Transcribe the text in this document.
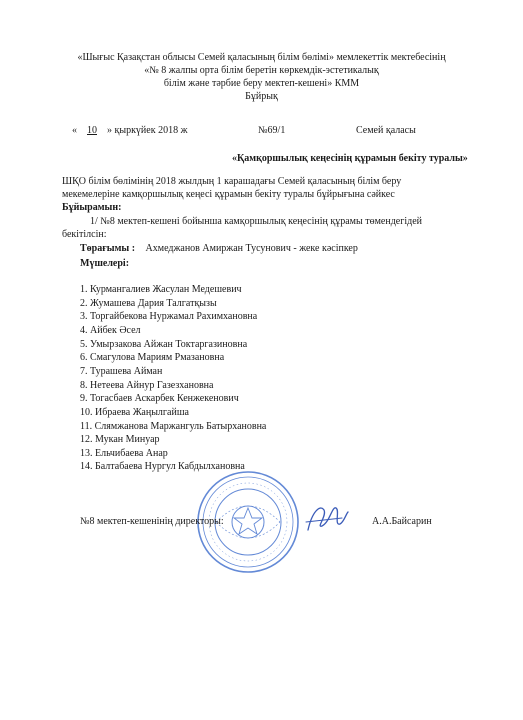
«Шығыс Қазақстан облысы Семей қаласының білім бөлімі» мемлекеттік мектебесінің
«№ 8 жалпы орта білім беретін көркемдік-эстетикалық
білім және тәрбие беру мектеп-кешені» КММ
Бұйрық
« 10 » қыркүйек 2018 ж	№69/1	Семей қаласы
«Қамқоршылық кеңесінің құрамын бекіту туралы»
ШҚО білім бөлімінің 2018 жылдың 1 карашадағы Семей қаласының білім беру
мекемелеріне камқоршылық кеңесі құрамын бекіту туралы бұйрығына сәйкес
Бұйырамын:
1/ №8 мектеп-кешені бойынша камқоршылық кеңесінің құрамы төмендегідей
бекітілсін:
Төрағымы : Ахмеджанов Амиржан Тусунович - жеке кәсіпкер
Мүшелері:
1. Курмангалиев Жасулан Медешевич
2. Жумашева Дария Талгатқызы
3. Торгайбекова Нуржамал Рахимхановна
4. Айбек Әсел
5. Умырзакова Айжан Токтаргазиновна
6. Смагулова Мариям Рмазановна
7. Турашева Айман
8. Нетеева Айнур Газезхановна
9. Тогасбаев Аскарбек Кенжекенович
10. Ибраева Жаңылгайша
11. Слямжанова Маржангуль Батырхановна
12. Мукан Минуар
13. Ельчибаева Анар
14. Балтабаева Нургул Кабдылхановна
№8 мектеп-кешенінің директоры:	А.А.Байсарин
